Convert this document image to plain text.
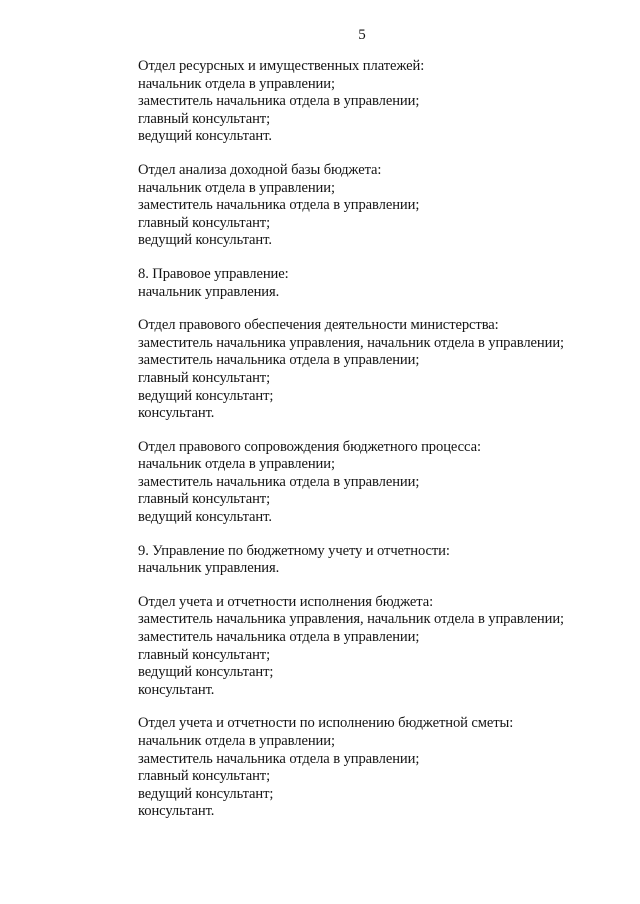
5
Отдел ресурсных и имущественных платежей:
начальник отдела в управлении;
заместитель начальника отдела в управлении;
главный консультант;
ведущий консультант.
Отдел анализа доходной базы бюджета:
начальник отдела в управлении;
заместитель начальника отдела в управлении;
главный консультант;
ведущий консультант.
8. Правовое управление:
начальник управления.
Отдел правового обеспечения деятельности министерства:
заместитель начальника управления, начальник отдела в управлении;
заместитель начальника отдела в управлении;
главный консультант;
ведущий консультант;
консультант.
Отдел правового сопровождения бюджетного процесса:
начальник отдела в управлении;
заместитель начальника отдела в управлении;
главный консультант;
ведущий консультант.
9. Управление по бюджетному учету и отчетности:
начальник управления.
Отдел учета и отчетности исполнения бюджета:
заместитель начальника управления, начальник отдела в управлении;
заместитель начальника отдела в управлении;
главный консультант;
ведущий консультант;
консультант.
Отдел учета и отчетности по исполнению бюджетной сметы:
начальник отдела в управлении;
заместитель начальника отдела в управлении;
главный консультант;
ведущий консультант;
консультант.
